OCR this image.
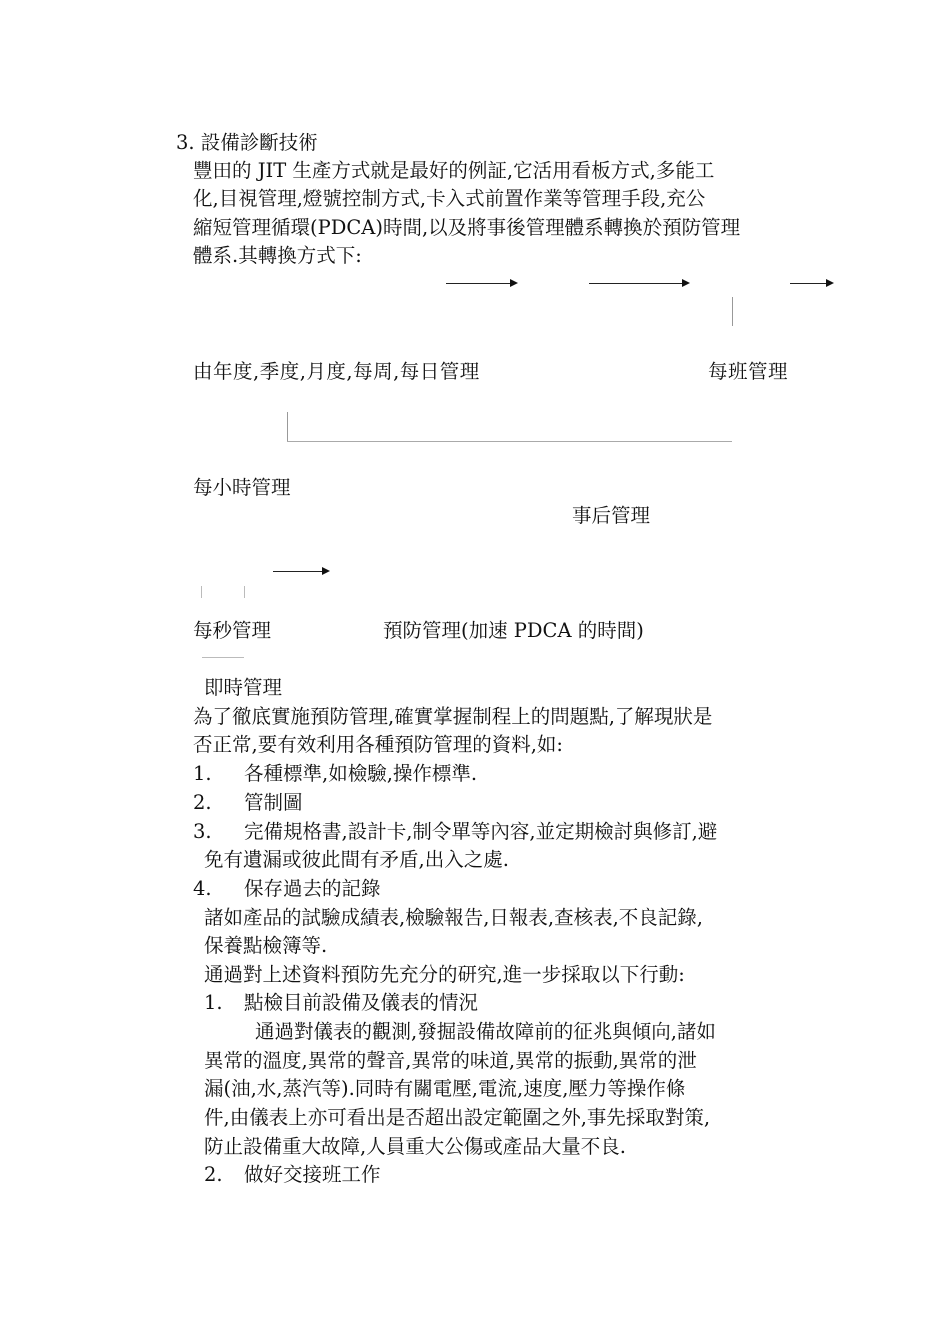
3. 設備診斷技術
豐田的 JIT 生產方式就是最好的例証,它活用看板方式,多能工
化,目視管理,燈號控制方式,卡入式前置作業等管理手段,充公
縮短管理循環(PDCA)時間,以及將事後管理體系轉換於預防管理
體系.其轉換方式下:
由年度,季度,月度,每周,每日管理	每班管理
每小時管理
事后管理
每秒管理	預防管理(加速 PDCA 的時間)
即時管理
為了徹底實施預防管理,確實掌握制程上的問題點,了解現狀是
否正常,要有效利用各種預防管理的資料,如:
1. 各種標準,如檢驗,操作標準.
2. 管制圖
3. 完備規格書,設計卡,制令單等內容,並定期檢討與修訂,避
免有遺漏或彼此間有矛盾,出入之處.
4. 保存過去的記錄
諸如產品的試驗成績表,檢驗報告,日報表,查核表,不良記錄,
保養點檢簿等.
通過對上述資料預防先充分的研究,進一步採取以下行動:
1. 點檢目前設備及儀表的情況
通過對儀表的觀測,發掘設備故障前的征兆與傾向,諸如
異常的溫度,異常的聲音,異常的味道,異常的振動,異常的泄
漏(油,水,蒸汽等).同時有關電壓,電流,速度,壓力等操作條
件,由儀表上亦可看出是否超出設定範圍之外,事先採取對策,
防止設備重大故障,人員重大公傷或產品大量不良.
2. 做好交接班工作
